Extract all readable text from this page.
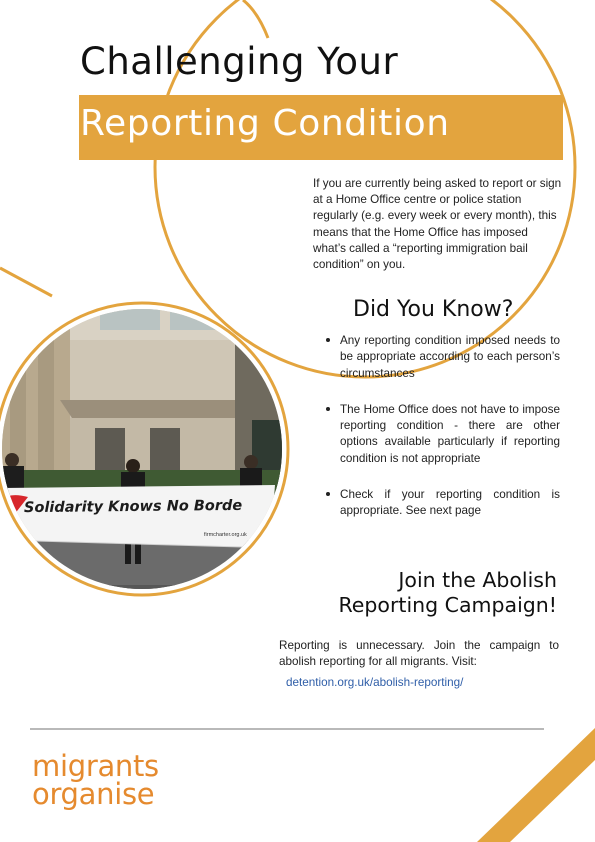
Solidarity Knows No Borde
firmcharter.org.uk
Challenging Your
Reporting Condition
If you are currently being asked to report or sign at a Home Office centre or police station regularly (e.g. every week or every month), this means that the Home Office has imposed what’s called a “reporting immigration bail condition” on you.
Did You Know?
Any reporting condition imposed needs to be appropriate according to each person’s circumstances
The Home Office does not have to impose reporting condition - there are other options available particularly if reporting condition is not appropriate
Check if your reporting condition is appropriate. See next page
Join the Abolish
Reporting Campaign!
Reporting is unnecessary. Join the campaign to abolish reporting for all migrants. Visit:
detention.org.uk/abolish-reporting/
migrants
organise
